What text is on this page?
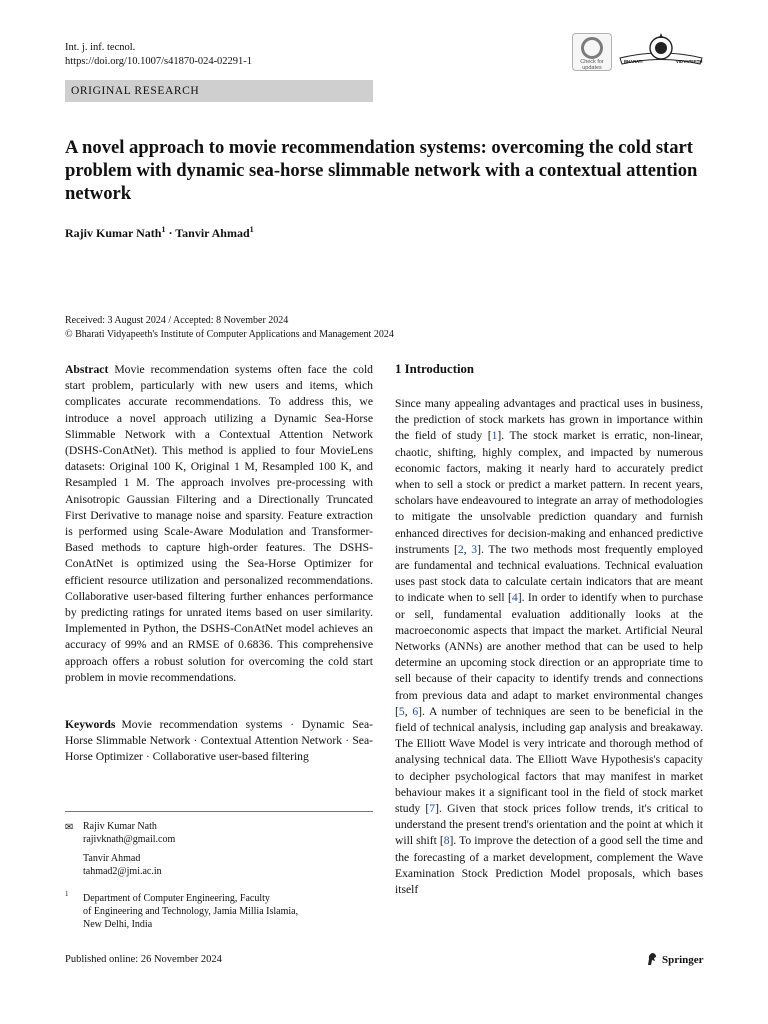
Int. j. inf. tecnol.
https://doi.org/10.1007/s41870-024-02291-1
ORIGINAL RESEARCH
Check for
updates
BHARATI	VIDYAPEETH
A novel approach to movie recommendation systems: overcoming the cold start problem with dynamic sea-horse slimmable network with a contextual attention network
Rajiv Kumar Nath$^1$ · Tanvir Ahmad$^1$
Received: 3 August 2024 / Accepted: 8 November 2024
© Bharati Vidyapeeth's Institute of Computer Applications and Management 2024
Abstract Movie recommendation systems often face the cold start problem, particularly with new users and items, which complicates accurate recommendations. To address this, we introduce a novel approach utilizing a Dynamic Sea-Horse Slimmable Network with a Contextual Attention Network (DSHS-ConAtNet). This method is applied to four MovieLens datasets: Original 100 K, Original 1 M, Resampled 100 K, and Resampled 1 M. The approach involves pre-processing with Anisotropic Gaussian Filtering and a Directionally Truncated First Derivative to manage noise and sparsity. Feature extraction is performed using Scale-Aware Modulation and Transformer-Based methods to capture high-order features. The DSHS-ConAtNet is optimized using the Sea-Horse Optimizer for efficient resource utilization and personalized recommendations. Collaborative user-based filtering further enhances performance by predicting ratings for unrated items based on user similarity. Implemented in Python, the DSHS-ConAtNet model achieves an accuracy of 99% and an RMSE of 0.6836. This comprehensive approach offers a robust solution for overcoming the cold start problem in movie recommendations.
Keywords Movie recommendation systems · Dynamic Sea-Horse Slimmable Network · Contextual Attention Network · Sea-Horse Optimizer · Collaborative user-based filtering
✉ Rajiv Kumar Nath
rajivknath@gmail.com
Tanvir Ahmad
tahmad2@jmi.ac.in
1 Department of Computer Engineering, Faculty
of Engineering and Technology, Jamia Millia Islamia,
New Delhi, India
1 Introduction
Since many appealing advantages and practical uses in business, the prediction of stock markets has grown in importance within the field of study [1]. The stock market is erratic, non-linear, chaotic, shifting, highly complex, and impacted by numerous economic factors, making it nearly hard to accurately predict when to sell a stock or predict a market pattern. In recent years, scholars have endeavoured to integrate an array of methodologies to mitigate the unsolvable prediction quandary and furnish enhanced directives for decision-making and enhanced predictive instruments [2, 3]. The two methods most frequently employed are fundamental and technical evaluations. Technical evaluation uses past stock data to calculate certain indicators that are meant to indicate when to sell [4]. In order to identify when to purchase or sell, fundamental evaluation additionally looks at the macroeconomic aspects that impact the market. Artificial Neural Networks (ANNs) are another method that can be used to help determine an upcoming stock direction or an appropriate time to sell because of their capacity to identify trends and connections from previous data and adapt to market environmental changes [5, 6]. A number of techniques are seen to be beneficial in the field of technical analysis, including gap analysis and breakaway. The Elliott Wave Model is very intricate and thorough method of analysing technical data. The Elliott Wave Hypothesis's capacity to decipher psychological factors that may manifest in market behaviour makes it a significant tool in the field of stock market study [7]. Given that stock prices follow trends, it's critical to understand the present trend's orientation and the point at which it will shift [8]. To improve the detection of a good sell the time and the forecasting of a market development, complement the Wave Examination Stock Prediction Model proposals, which bases itself
Published online: 26 November 2024	Springer
